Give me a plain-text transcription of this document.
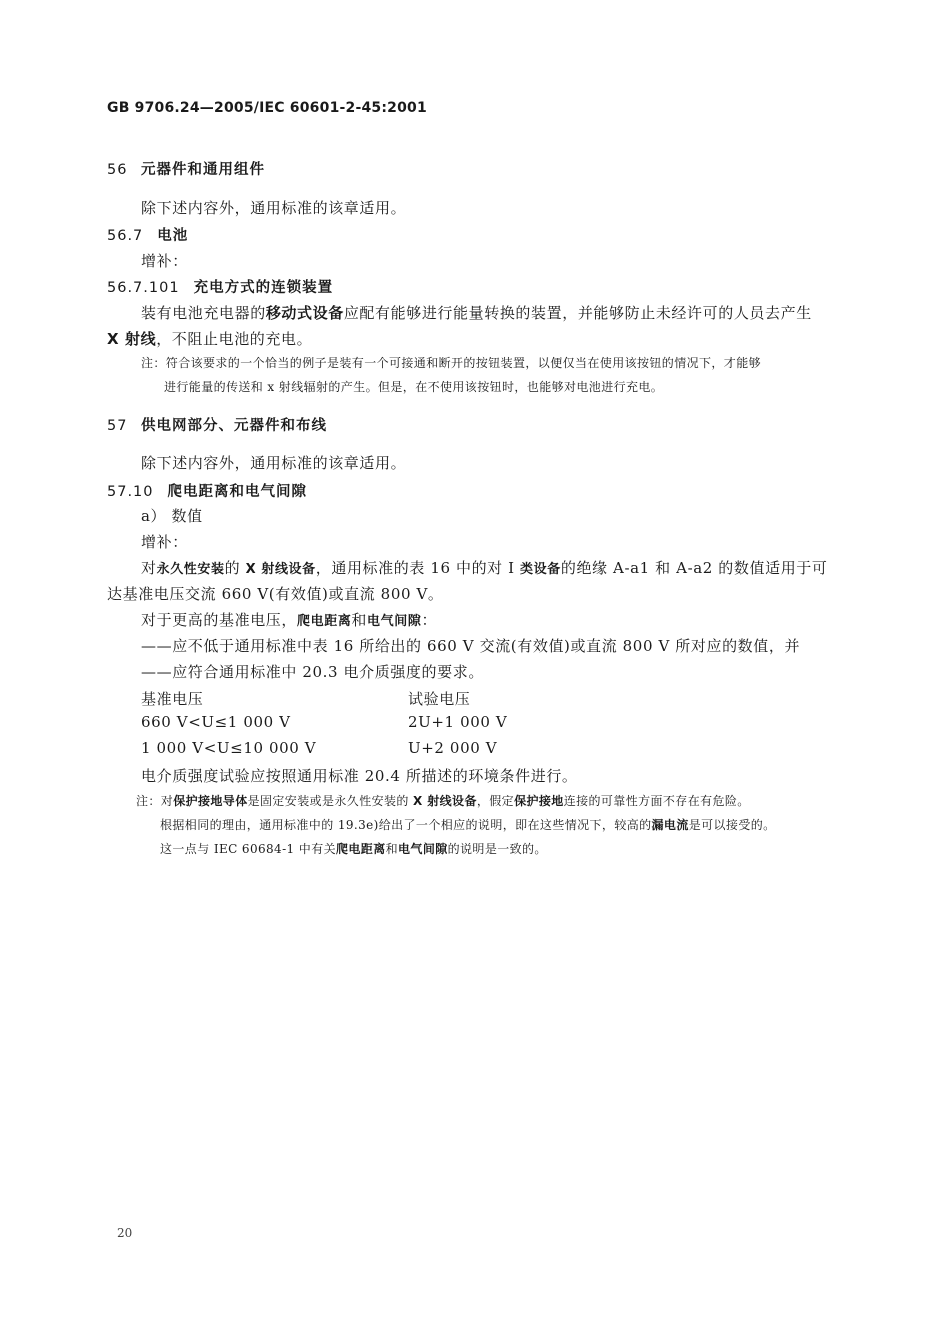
GB 9706.24—2005/IEC 60601-2-45:2001
56 元器件和通用组件
除下述内容外，通用标准的该章适用。
56.7 电池
增补：
56.7.101 充电方式的连锁装置
装有电池充电器的移动式设备应配有能够进行能量转换的装置，并能够防止未经许可的人员去产生
X 射线，不阻止电池的充电。
注：符合该要求的一个恰当的例子是装有一个可接通和断开的按钮装置，以便仅当在使用该按钮的情况下，才能够
进行能量的传送和 x 射线辐射的产生。但是，在不使用该按钮时，也能够对电池进行充电。
57 供电网部分、元器件和布线
除下述内容外，通用标准的该章适用。
57.10 爬电距离和电气间隙
a） 数值
增补：
对永久性安装的 X 射线设备，通用标准的表 16 中的对 Ⅰ 类设备的绝缘 A-a1 和 A-a2 的数值适用于可
达基准电压交流 660 V(有效值)或直流 800 V。
对于更高的基准电压，爬电距离和电气间隙：
——应不低于通用标准中表 16 所给出的 660 V 交流(有效值)或直流 800 V 所对应的数值，并
——应符合通用标准中 20.3 电介质强度的要求。
基准电压	试验电压
660 V<U≤1 000 V	2U+1 000 V
1 000 V<U≤10 000 V	U+2 000 V
电介质强度试验应按照通用标准 20.4 所描述的环境条件进行。
注：对保护接地导体是固定安装或是永久性安装的 X 射线设备，假定保护接地连接的可靠性方面不存在有危险。
根据相同的理由，通用标准中的 19.3e)给出了一个相应的说明，即在这些情况下，较高的漏电流是可以接受的。
这一点与 IEC 60684-1 中有关爬电距离和电气间隙的说明是一致的。
20
